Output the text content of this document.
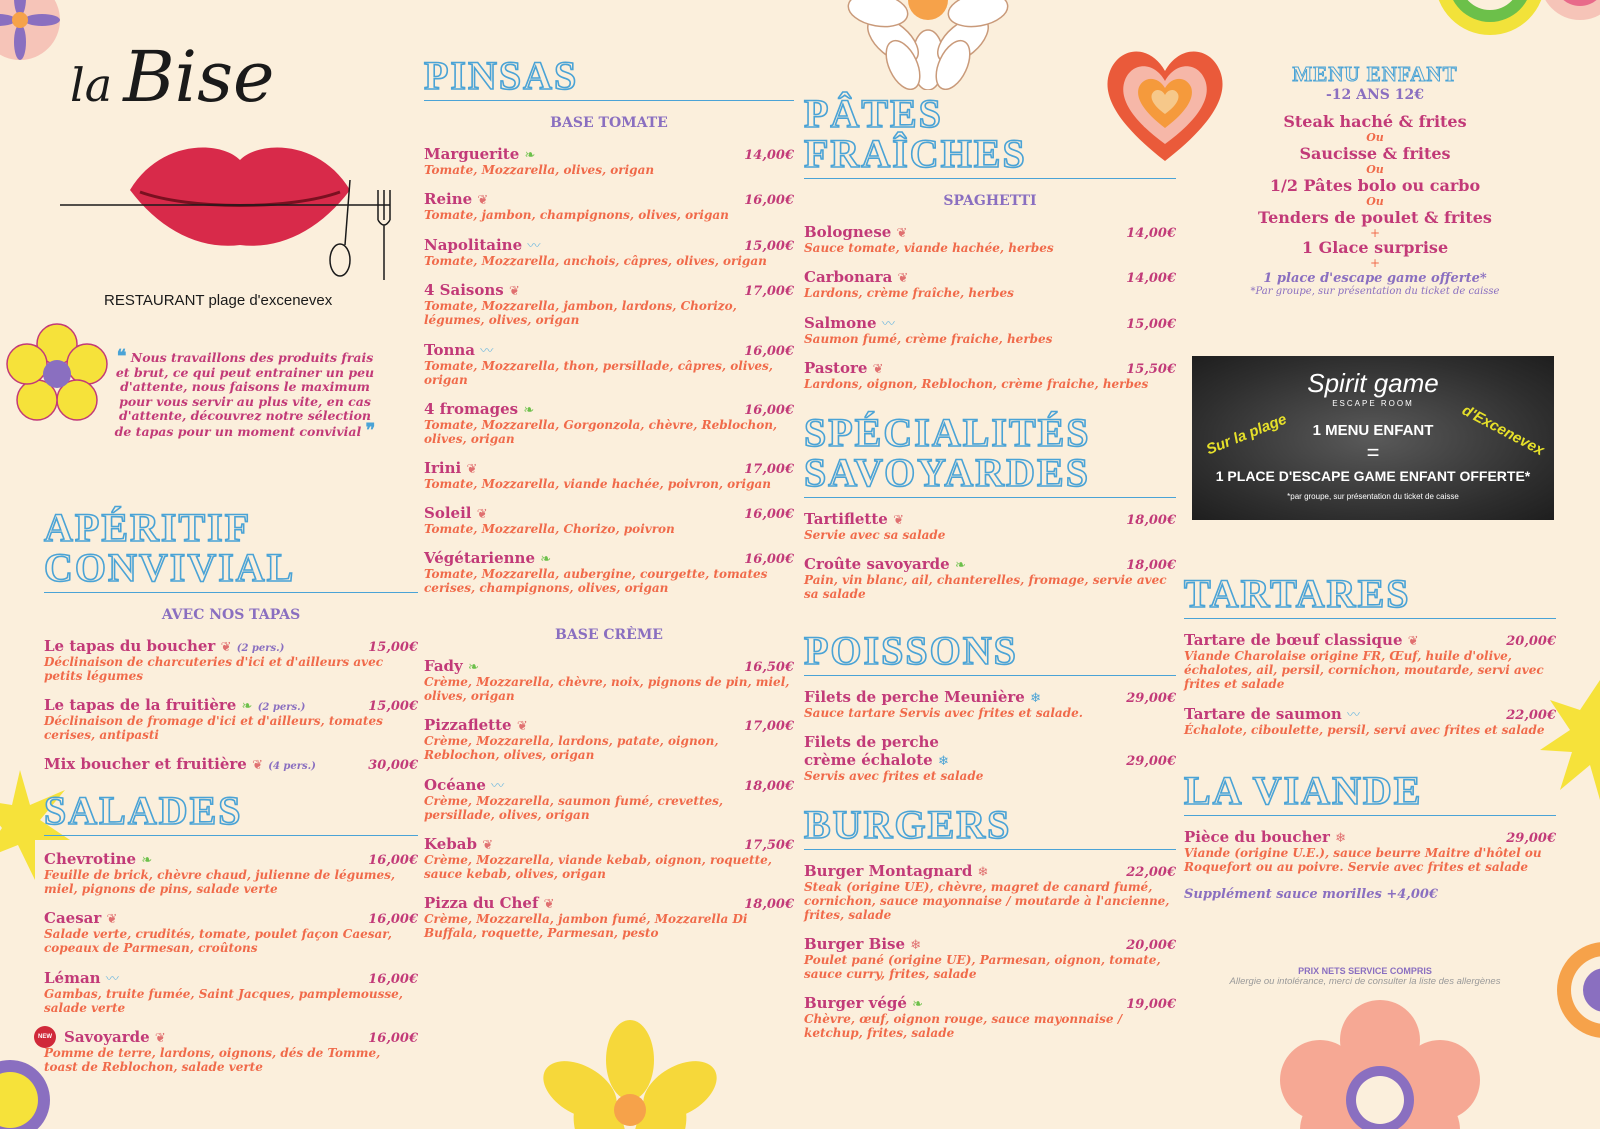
la Bise
RESTAURANT plage d'excenevex
❝ Nous travaillons des produits frais et brut, ce qui peut entrainer un peu d'attente, nous faisons le maximum pour vous servir au plus vite, en cas d'attente, découvrez notre sélection de tapas pour un moment convivial ❞
APÉRITIF
CONVIVIAL
AVEC NOS TAPAS
Le tapas du boucher ❦ (2 pers.)	15,00€
Déclinaison de charcuteries d'ici et d'ailleurs avec petits légumes
Le tapas de la fruitière ❧ (2 pers.)	15,00€
Déclinaison de fromage d'ici et d'ailleurs, tomates cerises, antipasti
Mix boucher et fruitière ❦ (4 pers.)	30,00€
SALADES
Chevrotine ❧	16,00€
Feuille de brick, chèvre chaud, julienne de légumes, miel, pignons de pins, salade verte
Caesar ❦	16,00€
Salade verte, crudités, tomate, poulet façon Caesar, copeaux de Parmesan, croûtons
Léman 〰	16,00€
Gambas, truite fumée, Saint Jacques, pamplemousse, salade verte
NEW Savoyarde ❦	16,00€
Pomme de terre, lardons, oignons, dés de Tomme, toast de Reblochon, salade verte
PINSAS
BASE TOMATE
Marguerite ❧	14,00€
Tomate, Mozzarella, olives, origan
Reine ❦	16,00€
Tomate, jambon, champignons, olives, origan
Napolitaine 〰	15,00€
Tomate, Mozzarella, anchois, câpres, olives, origan
4 Saisons ❦	17,00€
Tomate, Mozzarella, jambon, lardons, Chorizo, légumes, olives, origan
Tonna 〰	16,00€
Tomate, Mozzarella, thon, persillade, câpres, olives, origan
4 fromages ❧	16,00€
Tomate, Mozzarella, Gorgonzola, chèvre, Reblochon, olives, origan
Irini ❦	17,00€
Tomate, Mozzarella, viande hachée, poivron, origan
Soleil ❦	16,00€
Tomate, Mozzarella, Chorizo, poivron
Végétarienne ❧	16,00€
Tomate, Mozzarella, aubergine, courgette, tomates cerises, champignons, olives, origan
BASE CRÈME
Fady ❧	16,50€
Crème, Mozzarella, chèvre, noix, pignons de pin, miel, olives, origan
Pizzaflette ❦	17,00€
Crème, Mozzarella, lardons, patate, oignon, Reblochon, olives, origan
Océane 〰	18,00€
Crème, Mozzarella, saumon fumé, crevettes, persillade, olives, origan
Kebab ❦	17,50€
Crème, Mozzarella, viande kebab, oignon, roquette, sauce kebab, olives, origan
Pizza du Chef ❦	18,00€
Crème, Mozzarella, jambon fumé, Mozzarella Di Buffala, roquette, Parmesan, pesto
PÂTES
FRAÎCHES
SPAGHETTI
Bolognese ❦	14,00€
Sauce tomate, viande hachée, herbes
Carbonara ❦	14,00€
Lardons, crème fraîche, herbes
Salmone 〰	15,00€
Saumon fumé, crème fraiche, herbes
Pastore ❦	15,50€
Lardons, oignon, Reblochon, crème fraiche, herbes
SPÉCIALITÉS
SAVOYARDES
Tartiflette ❦	18,00€
Servie avec sa salade
Croûte savoyarde ❧	18,00€
Pain, vin blanc, ail, chanterelles, fromage, servie avec sa salade
POISSONS
Filets de perche Meunière ❄	29,00€
Sauce tartare Servis avec frites et salade.
Filets de perche
crème échalote ❄	29,00€
Servis avec frites et salade
BURGERS
Burger Montagnard ❄	22,00€
Steak (origine UE), chèvre, magret de canard fumé, cornichon, sauce mayonnaise / moutarde à l'ancienne, frites, salade
Burger Bise ❄	20,00€
Poulet pané (origine UE), Parmesan, oignon, tomate, sauce curry, frites, salade
Burger végé ❧	19,00€
Chèvre, œuf, oignon rouge, sauce mayonnaise / ketchup, frites, salade
MENU ENFANT
-12 ANS 12€
Steak haché & frites
Ou
Saucisse & frites
Ou
1/2 Pâtes bolo ou carbo
Ou
Tenders de poulet & frites
+
1 Glace surprise
+
1 place d'escape game offerte*
*Par groupe, sur présentation du ticket de caisse
Spirit game
ESCAPE ROOM
Sur la plage	d'Excenevex
1 MENU ENFANT
=
1 PLACE D'ESCAPE GAME ENFANT OFFERTE*
*par groupe, sur présentation du ticket de caisse
TARTARES
Tartare de bœuf classique ❦	20,00€
Viande Charolaise origine FR, Œuf, huile d'olive, échalotes, ail, persil, cornichon, moutarde, servi avec frites et salade
Tartare de saumon 〰	22,00€
Échalote, ciboulette, persil, servi avec frites et salade
LA VIANDE
Pièce du boucher ❄	29,00€
Viande (origine U.E.), sauce beurre Maitre d'hôtel ou Roquefort ou au poivre. Servie avec frites et salade
Supplément sauce morilles +4,00€
PRIX NETS SERVICE COMPRIS
Allergie ou intolérance, merci de consulter la liste des allergènes
